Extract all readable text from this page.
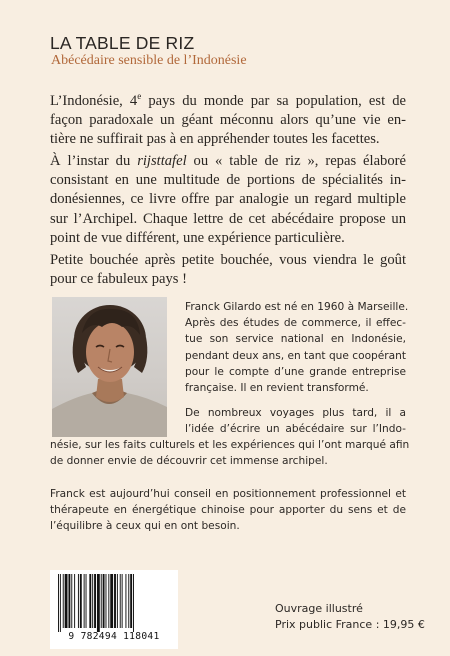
LA TABLE DE RIZ
Abécédaire sensible de l’Indonésie
L’Indonésie, 4e pays du monde par sa population, est de
façon paradoxale un géant méconnu alors qu’une vie en-
tière ne suffirait pas à en appréhender toutes les facettes.
À l’instar du rijsttafel ou « table de riz », repas élaboré
consistant en une multitude de portions de spécialités in-
donésiennes, ce livre offre par analogie un regard multiple
sur l’Archipel. Chaque lettre de cet abécédaire propose un
point de vue différent, une expérience particulière.
Petite bouchée après petite bouchée, vous viendra le goût
pour ce fabuleux pays !
Franck Gilardo est né en 1960 à Marseille.
Après des études de commerce, il effec-
tue son service national en Indonésie,
pendant deux ans, en tant que coopérant
pour le compte d’une grande entreprise
française. Il en revient transformé.
De nombreux voyages plus tard, il a
l’idée d’écrire un abécédaire sur l’Indo-
nésie, sur les faits culturels et les expériences qui l’ont marqué afin
de donner envie de découvrir cet immense archipel.
Franck est aujourd’hui conseil en positionnement professionnel et
thérapeute en énergétique chinoise pour apporter du sens et de
l’équilibre à ceux qui en ont besoin.
9 782494 118041
Ouvrage illustré
Prix public France : 19,95 €
